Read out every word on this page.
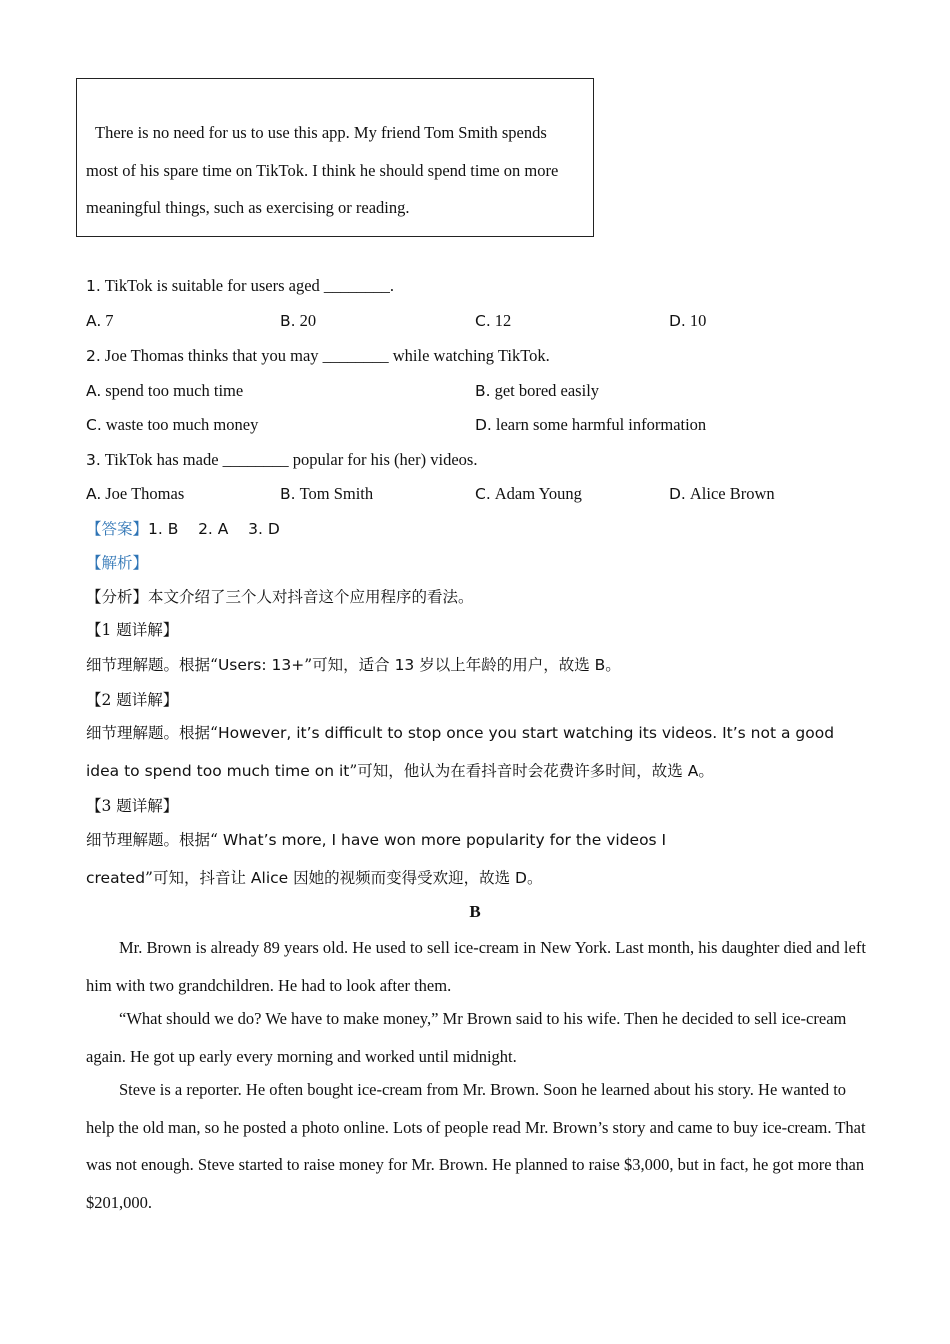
There is no need for us to use this app. My friend Tom Smith spends most of his spare time on TikTok. I think he should spend time on more meaningful things, such as exercising or reading.

1. TikTok is suitable for users aged ________.
A. 7	B. 20	C. 12	D. 10
2. Joe Thomas thinks that you may ________ while watching TikTok.
A. spend too much time	B. get bored easily
C. waste too much money	D. learn some harmful information
3. TikTok has made ________ popular for his (her) videos.
A. Joe Thomas	B. Tom Smith	C. Adam Young	D. Alice Brown
【答案】1. B    2. A    3. D
【解析】
【分析】本文介绍了三个人对抖音这个应用程序的看法。
【1 题详解】
细节理解题。根据“Users: 13+”可知，适合 13 岁以上年龄的用户，故选 B。
【2 题详解】

细节理解题。根据“However, it’s difficult to stop once you start watching its videos. It’s not a good idea to spend too much time on it”可知，他认为在看抖音时会花费许多时间，故选 A。

【3 题详解】

细节理解题。根据“ What’s more, I have won more popularity for the videos I created”可知，抖音让 Alice 因她的视频而变得受欢迎，故选 D。

B

Mr. Brown is already 89 years old. He used to sell ice-cream in New York. Last month, his daughter died and left him with two grandchildren. He had to look after them.

“What should we do? We have to make money,” Mr Brown said to his wife. Then he decided to sell ice-cream again. He got up early every morning and worked until midnight.

Steve is a reporter. He often bought ice-cream from Mr. Brown. Soon he learned about his story. He wanted to help the old man, so he posted a photo online. Lots of people read Mr. Brown’s story and came to buy ice-cream. That was not enough. Steve started to raise money for Mr. Brown. He planned to raise $3,000, but in fact, he got more than $201,000.
